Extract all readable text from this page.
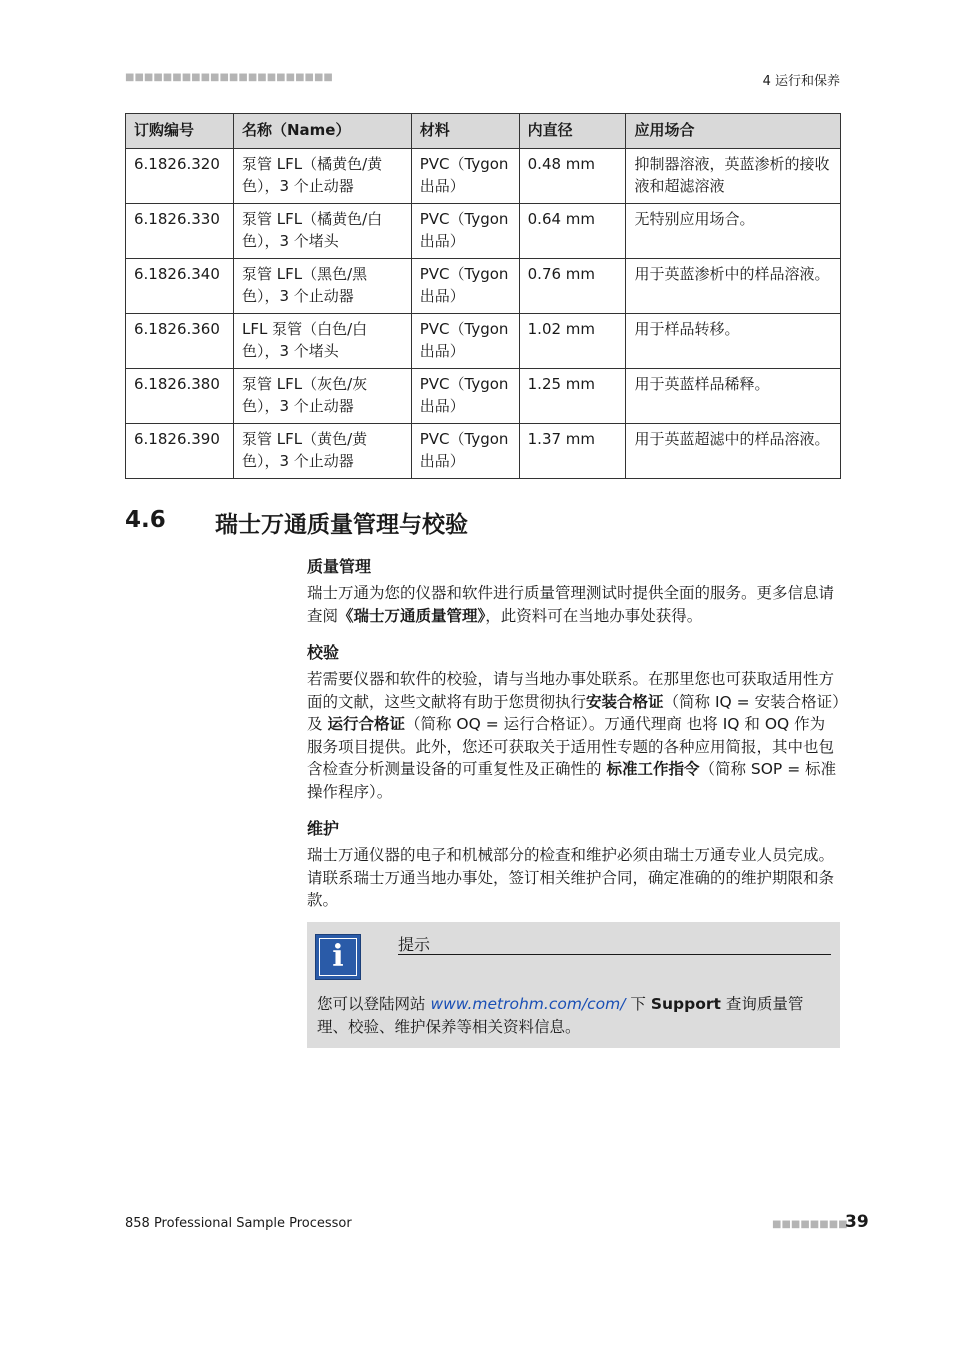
■■■■■■■■■■■■■■■■■■■■■■	4 运行和保养
订购编号	名称（Name）	材料	内直径	应用场合
6.1826.320	泵管 LFL（橘黄色/黄色），3 个止动器	PVC（Tygon 出品）	0.48 mm	抑制器溶液，英蓝渗析的接收液和超滤溶液
6.1826.330	泵管 LFL（橘黄色/白色），3 个堵头	PVC（Tygon 出品）	0.64 mm	无特别应用场合。
6.1826.340	泵管 LFL（黑色/黑色），3 个止动器	PVC（Tygon 出品）	0.76 mm	用于英蓝渗析中的样品溶液。
6.1826.360	LFL 泵管（白色/白色），3 个堵头	PVC（Tygon 出品）	1.02 mm	用于样品转移。
6.1826.380	泵管 LFL（灰色/灰色），3 个止动器	PVC（Tygon 出品）	1.25 mm	用于英蓝样品稀释。
6.1826.390	泵管 LFL（黄色/黄色），3 个止动器	PVC（Tygon 出品）	1.37 mm	用于英蓝超滤中的样品溶液。
4.6 瑞士万通质量管理与校验
质量管理
瑞士万通为您的仪器和软件进行质量管理测试时提供全面的服务。更多信息请查阅《瑞士万通质量管理》，此资料可在当地办事处获得。
校验
若需要仪器和软件的校验，请与当地办事处联系。在那里您也可获取适用性方面的文献，这些文献将有助于您贯彻执行安装合格证（简称 IQ = 安装合格证）及 运行合格证（简称 OQ = 运行合格证）。万通代理商 也将 IQ 和 OQ 作为服务项目提供。此外，您还可获取关于适用性专题的各种应用简报，其中也包含检查分析测量设备的可重复性及正确性的 标准工作指令（简称 SOP = 标准操作程序）。
维护
瑞士万通仪器的电子和机械部分的检查和维护必须由瑞士万通专业人员完成。请联系瑞士万通当地办事处，签订相关维护合同，确定准确的的维护期限和条款。
i	提示
您可以登陆网站 www.metrohm.com/com/ 下 Support 查询质量管理、校验、维护保养等相关资料信息。
858 Professional Sample Processor	■■■■■■■■
39
